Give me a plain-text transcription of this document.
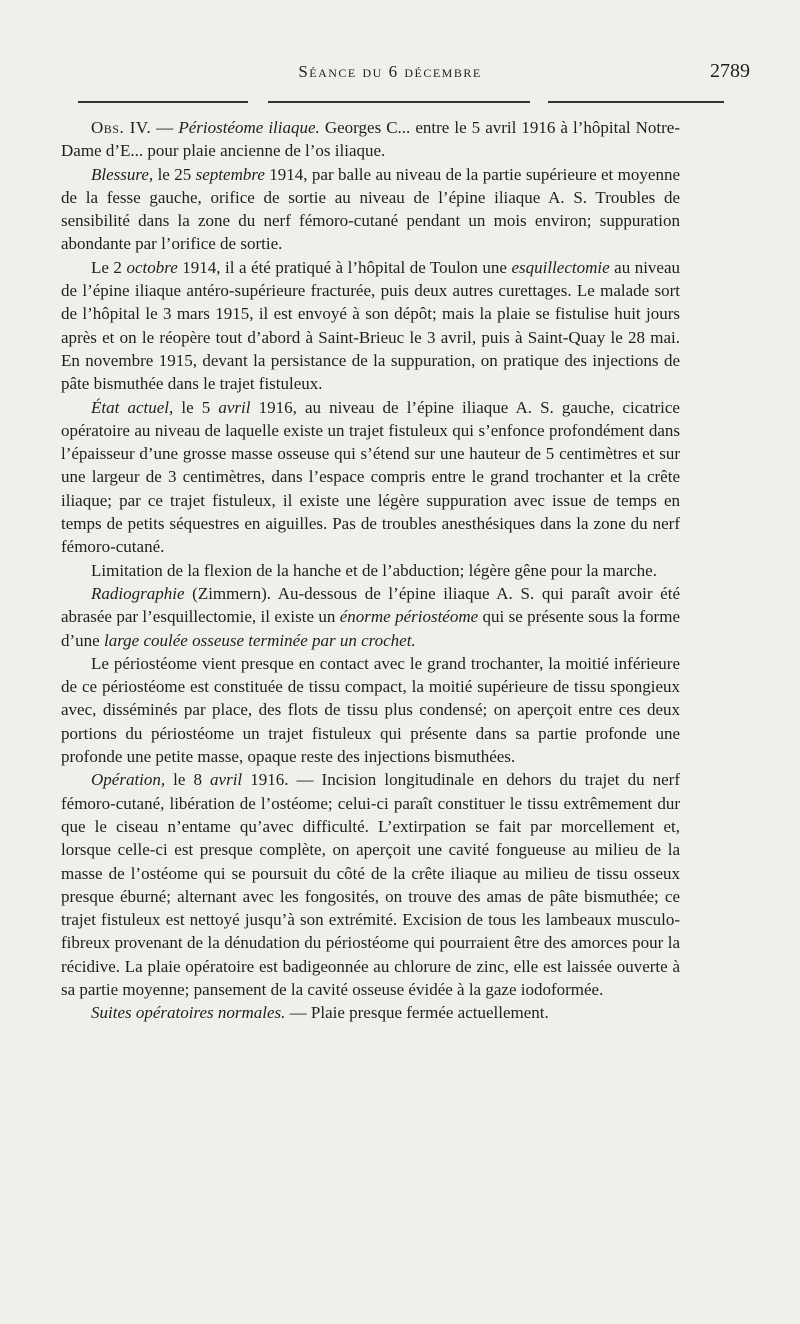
Séance du 6 décembre	2789

Obs. IV. — Périostéome iliaque. Georges C... entre le 5 avril 1916 à l’hôpital Notre-Dame d’E... pour plaie ancienne de l’os iliaque.

Blessure, le 25 septembre 1914, par balle au niveau de la partie supérieure et moyenne de la fesse gauche, orifice de sortie au niveau de l’épine iliaque A. S. Troubles de sensibilité dans la zone du nerf fémoro-cutané pendant un mois environ; suppuration abondante par l’orifice de sortie.

Le 2 octobre 1914, il a été pratiqué à l’hôpital de Toulon une esquillectomie au niveau de l’épine iliaque antéro-supérieure fracturée, puis deux autres curettages. Le malade sort de l’hôpital le 3 mars 1915, il est envoyé à son dépôt; mais la plaie se fistulise huit jours après et on le réopère tout d’abord à Saint-Brieuc le 3 avril, puis à Saint-Quay le 28 mai. En novembre 1915, devant la persistance de la suppuration, on pratique des injections de pâte bismuthée dans le trajet fistuleux.

État actuel, le 5 avril 1916, au niveau de l’épine iliaque A. S. gauche, cicatrice opératoire au niveau de laquelle existe un trajet fistuleux qui s’enfonce profondément dans l’épaisseur d’une grosse masse osseuse qui s’étend sur une hauteur de 5 centimètres et sur une largeur de 3 centimètres, dans l’espace compris entre le grand trochanter et la crête iliaque; par ce trajet fistuleux, il existe une légère suppuration avec issue de temps en temps de petits séquestres en aiguilles. Pas de troubles anesthésiques dans la zone du nerf fémoro-cutané.

Limitation de la flexion de la hanche et de l’abduction; légère gêne pour la marche.

Radiographie (Zimmern). Au-dessous de l’épine iliaque A. S. qui paraît avoir été abrasée par l’esquillectomie, il existe un énorme périostéome qui se présente sous la forme d’une large coulée osseuse terminée par un crochet.

Le périostéome vient presque en contact avec le grand trochanter, la moitié inférieure de ce périostéome est constituée de tissu compact, la moitié supérieure de tissu spongieux avec, disséminés par place, des flots de tissu plus condensé; on aperçoit entre ces deux portions du périostéome un trajet fistuleux qui présente dans sa partie profonde une profonde une petite masse, opaque reste des injections bismuthées.

Opération, le 8 avril 1916. — Incision longitudinale en dehors du trajet du nerf fémoro-cutané, libération de l’ostéome; celui-ci paraît constituer le tissu extrêmement dur que le ciseau n’entame qu’avec difficulté. L’extirpation se fait par morcellement et, lorsque celle-ci est presque complète, on aperçoit une cavité fongueuse au milieu de la masse de l’ostéome qui se poursuit du côté de la crête iliaque au milieu de tissu osseux presque éburné; alternant avec les fongosités, on trouve des amas de pâte bismuthée; ce trajet fistuleux est nettoyé jusqu’à son extrémité. Excision de tous les lambeaux musculo-fibreux provenant de la dénudation du périostéome qui pourraient être des amorces pour la récidive. La plaie opératoire est badigeonnée au chlorure de zinc, elle est laissée ouverte à sa partie moyenne; pansement de la cavité osseuse évidée à la gaze iodoformée.

Suites opératoires normales. — Plaie presque fermée actuellement.
